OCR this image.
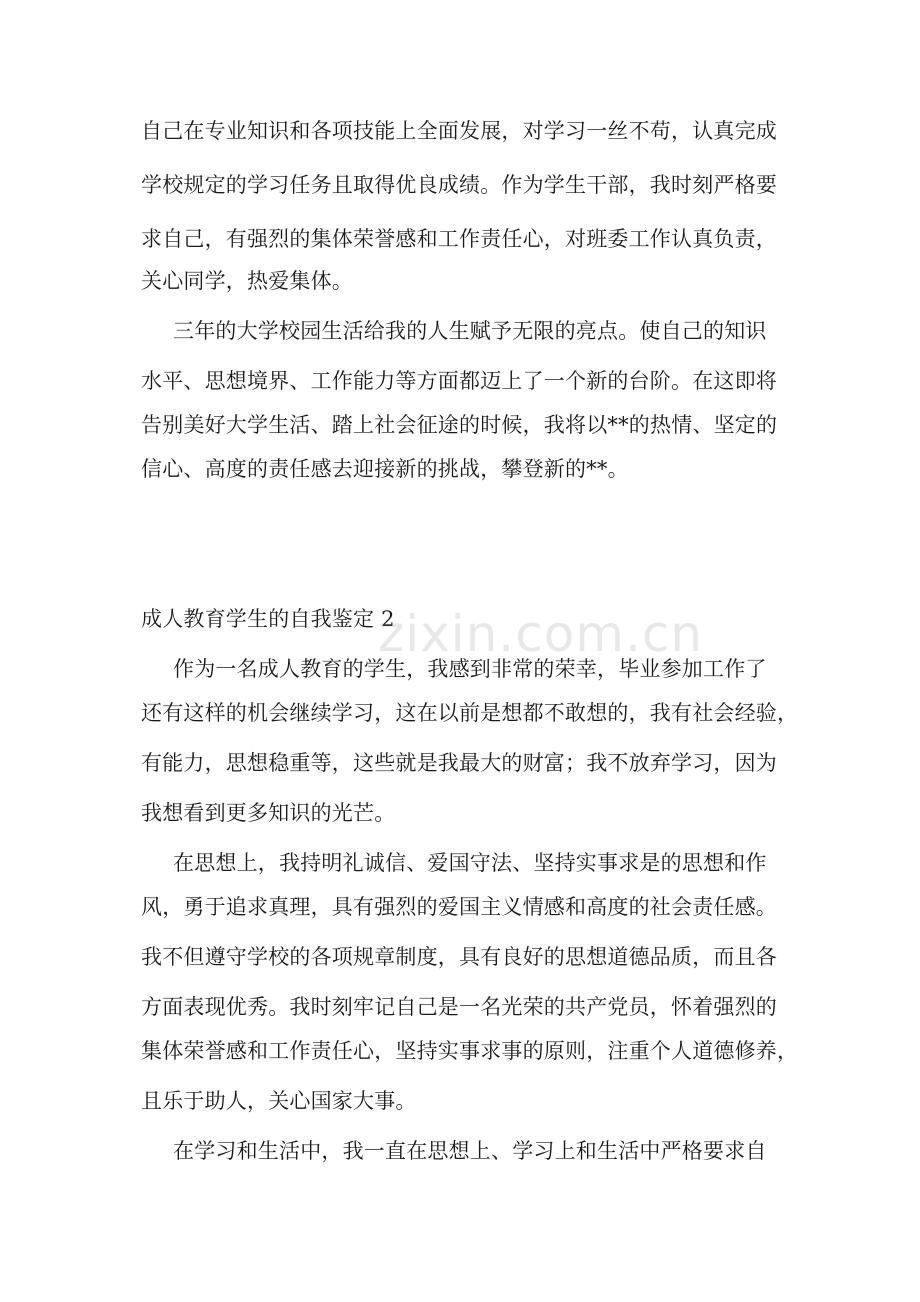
自己在专业知识和各项技能上全面发展，对学习一丝不苟，认真完成
学校规定的学习任务且取得优良成绩。作为学生干部，我时刻严格要
求自己，有强烈的集体荣誉感和工作责任心，对班委工作认真负责，
关心同学，热爱集体。
三年的大学校园生活给我的人生赋予无限的亮点。使自己的知识
水平、思想境界、工作能力等方面都迈上了一个新的台阶。在这即将
告别美好大学生活、踏上社会征途的时候，我将以**的热情、坚定的
信心、高度的责任感去迎接新的挑战，攀登新的**。
成人教育学生的自我鉴定 2
作为一名成人教育的学生，我感到非常的荣幸，毕业参加工作了
还有这样的机会继续学习，这在以前是想都不敢想的，我有社会经验，
有能力，思想稳重等，这些就是我最大的财富；我不放弃学习，因为
我想看到更多知识的光芒。
在思想上，我持明礼诚信、爱国守法、坚持实事求是的思想和作
风，勇于追求真理，具有强烈的爱国主义情感和高度的社会责任感。
我不但遵守学校的各项规章制度，具有良好的思想道德品质，而且各
方面表现优秀。我时刻牢记自己是一名光荣的共产党员，怀着强烈的
集体荣誉感和工作责任心，坚持实事求事的原则，注重个人道德修养，
且乐于助人，关心国家大事。
在学习和生活中，我一直在思想上、学习上和生活中严格要求自
zixin.com.cn
